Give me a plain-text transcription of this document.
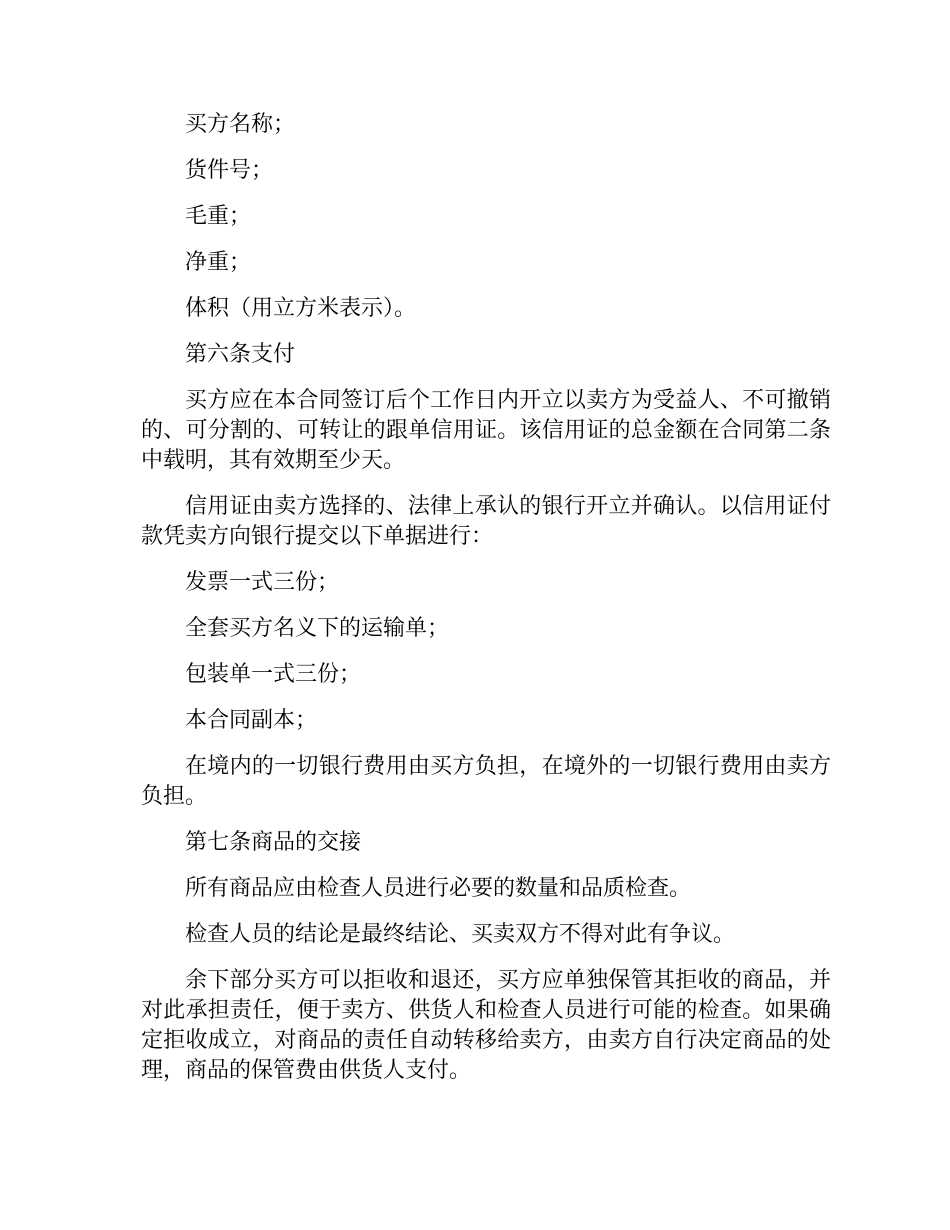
买方名称；

货件号；

毛重；

净重；

体积（用立方米表示）。

第六条支付

买方应在本合同签订后个工作日内开立以卖方为受益人、不可撤销的、可分割的、可转让的跟单信用证。该信用证的总金额在合同第二条中载明，其有效期至少天。

信用证由卖方选择的、法律上承认的银行开立并确认。以信用证付款凭卖方向银行提交以下单据进行：

发票一式三份；

全套买方名义下的运输单；

包装单一式三份；

本合同副本；

在境内的一切银行费用由买方负担，在境外的一切银行费用由卖方负担。

第七条商品的交接

所有商品应由检查人员进行必要的数量和品质检查。

检查人员的结论是最终结论、买卖双方不得对此有争议。

余下部分买方可以拒收和退还，买方应单独保管其拒收的商品，并对此承担责任，便于卖方、供货人和检查人员进行可能的检查。如果确定拒收成立，对商品的责任自动转移给卖方，由卖方自行决定商品的处理，商品的保管费由供货人支付。
